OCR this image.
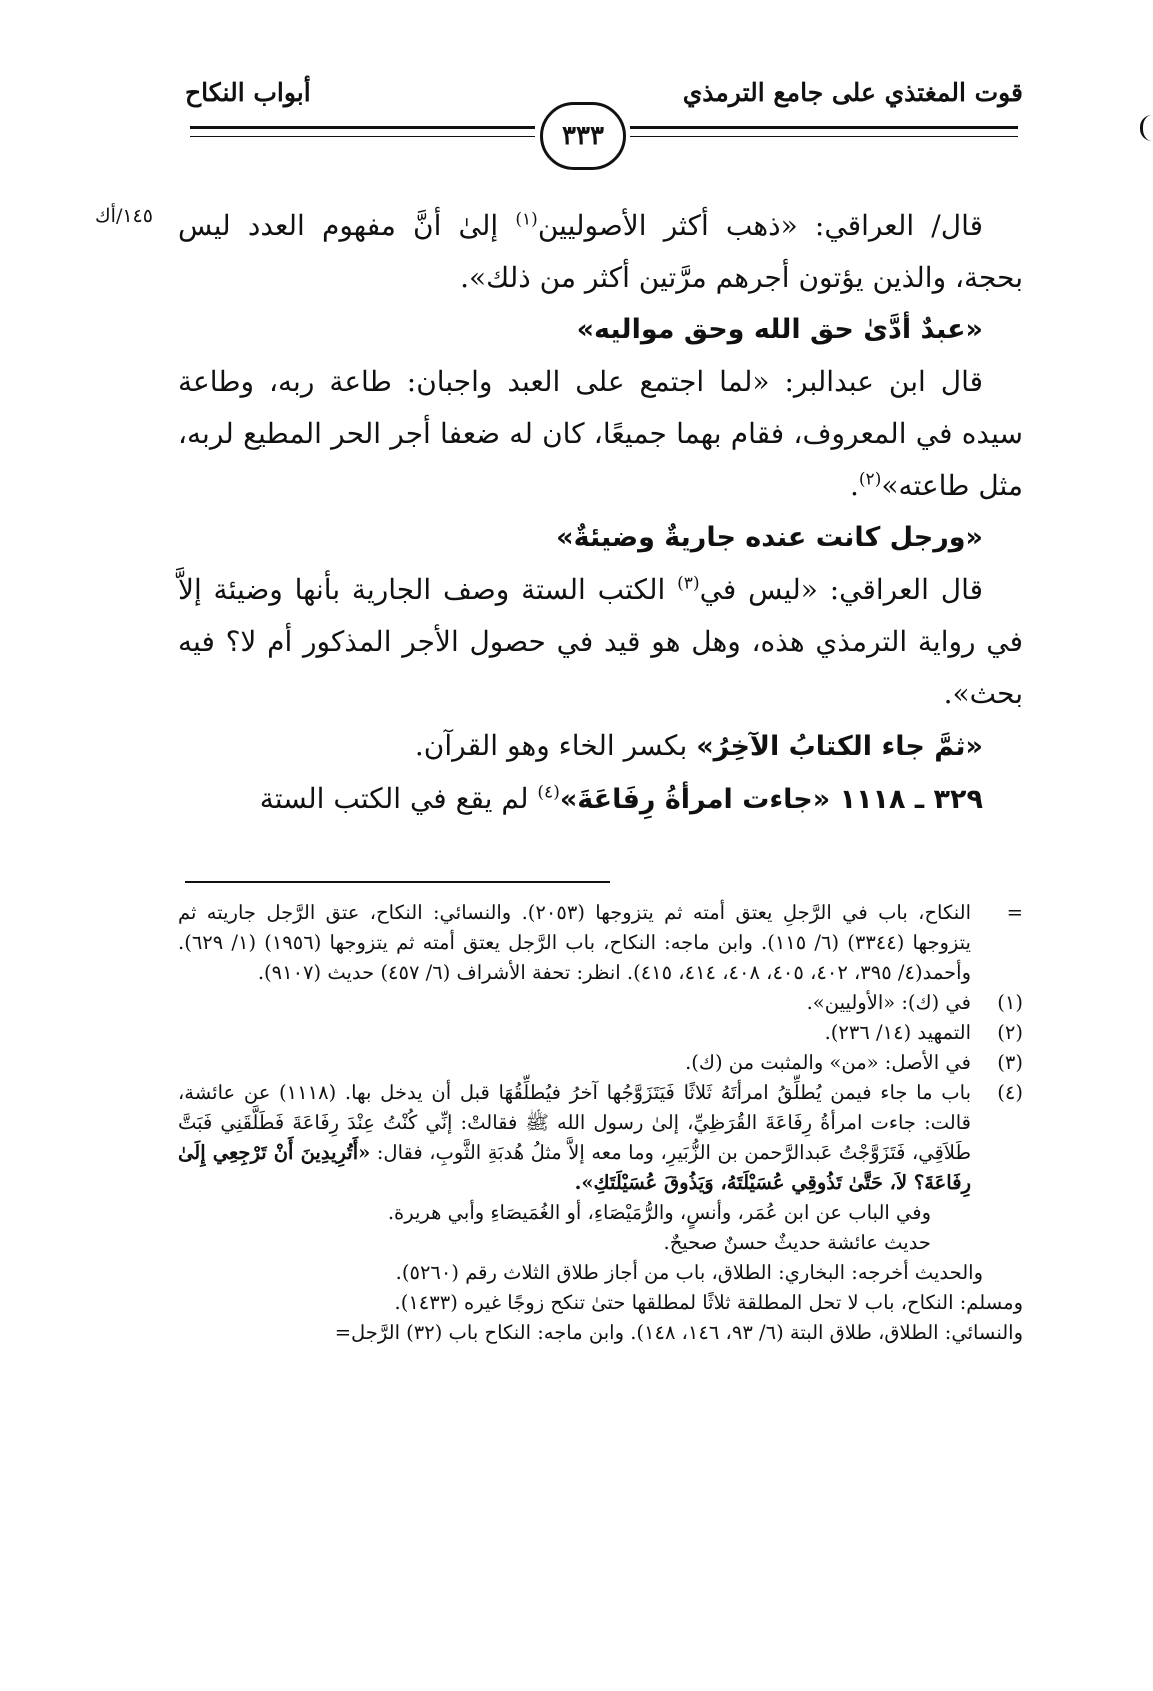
قوت المغتذي على جامع الترمذي
أبواب النكاح
٣٣٣
١٤٥/أك	قال/ العراقي: «ذهب أكثر الأصوليين$^{(١)}$ إلىٰ أنَّ مفهوم العدد ليس بحجة، والذين يؤتون أجرهم مرَّتين أكثر من ذلك».

«عبدٌ أدَّىٰ حق الله وحق مواليه»

قال ابن عبدالبر: «لما اجتمع على العبد واجبان: طاعة ربه، وطاعة سيده في المعروف، فقام بهما جميعًا، كان له ضعفا أجر الحر المطيع لربه، مثل طاعته»$^{(٢)}$.

«ورجل كانت عنده جاريةٌ وضيئةٌ»

قال العراقي: «ليس في$^{(٣)}$ الكتب الستة وصف الجارية بأنها وضيئة إلاَّ في رواية الترمذي هذه، وهل هو قيد في حصول الأجر المذكور أم لا؟ فيه بحث».

«ثمَّ جاء الكتابُ الآخِرُ» بكسر الخاء وهو القرآن.

٣٢٩ ـ ١١١٨ «جاءت امرأةُ رِفَاعَةَ»$^{(٤)}$ لم يقع في الكتب الستة

=
النكاح، باب في الرَّجلِ يعتق أمته ثم يتزوجها (٢٠٥٣). والنسائي: النكاح، عتق الرَّجل جاريته ثم يتزوجها (٣٣٤٤) (٦/ ١١٥). وابن ماجه: النكاح، باب الرَّجل يعتق أمته ثم يتزوجها (١٩٥٦) (١/ ٦٢٩). وأحمد(٤/ ٣٩٥، ٤٠٢، ٤٠٥، ٤٠٨، ٤١٤، ٤١٥). انظر: تحفة الأشراف (٦/ ٤٥٧) حديث (٩١٠٧).

(١)
في (ك): «الأوليين».

(٢)
التمهيد (١٤/ ٢٣٦).

(٣)
في الأصل: «من» والمثبت من (ك).

(٤)
باب ما جاء فيمن يُطلِّقُ امرأتَهُ ثَلاثًا فَيَتَزَوَّجُها آخرُ فيُطلِّقُهَا قبل أن يدخل بها. (١١١٨) عن عائشة، قالت: جاءت امرأةُ رِفَاعَةَ القُرَظِيِّ، إلىٰ رسول الله ﷺ فقالتْ: إنِّي كُنْتُ عِنْدَ رِفَاعَةَ فَطَلَّقَنِي فَبَتَّ طَلاَقِي، فَتَزَوَّجْتُ عَبدالرَّحمن بن الزُّبَيرِ، وما معه إلاَّ مثلُ هُدبَةِ الثَّوبِ، فقال: «أَتُرِيدِينَ أَنْ تَرْجِعِي إِلَىٰ رِفَاعَةَ؟ لاَ، حَتَّىٰ تَذُوقِي عُسَيْلَتَهُ، وَيَذُوقَ عُسَيْلَتَكِ».

وفي الباب عن ابن عُمَر، وأنسٍ، والرُّمَيْصَاءِ، أو الغُمَيصَاءِ وأبي هريرة.

حديث عائشة حديثٌ حسنٌ صحيحٌ.

والحديث أخرجه: البخاري: الطلاق، باب من أجاز طلاق الثلاث رقم (٥٢٦٠).

ومسلم: النكاح، باب لا تحل المطلقة ثلاثًا لمطلقها حتىٰ تنكح زوجًا غيره (١٤٣٣).

والنسائي: الطلاق، طلاق البتة (٦/ ٩٣، ١٤٦، ١٤٨). وابن ماجه: النكاح باب (٣٢) الرَّجل=
